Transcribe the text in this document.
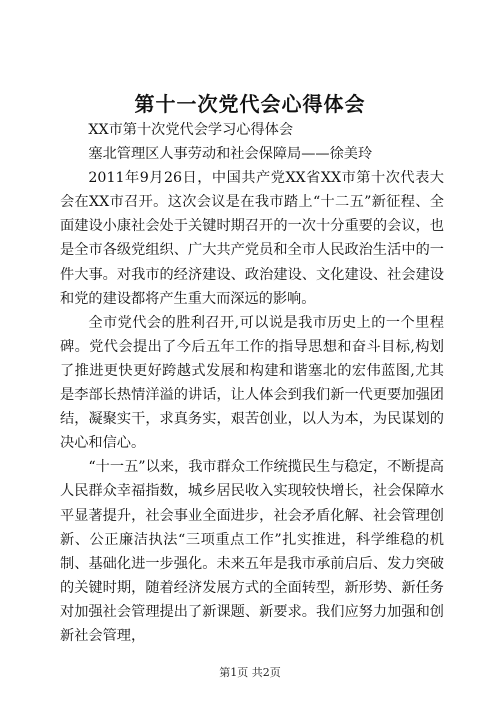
第十一次党代会心得体会

XX市第十次党代会学习心得体会

塞北管理区人事劳动和社会保障局——徐美玲

2011年9月26日，中国共产党XX省XX市第十次代表大会在XX市召开。这次会议是在我市踏上“十二五”新征程、全面建设小康社会处于关键时期召开的一次十分重要的会议，也是全市各级党组织、广大共产党员和全市人民政治生活中的一件大事。对我市的经济建设、政治建设、文化建设、社会建设和党的建设都将产生重大而深远的影响。

全市党代会的胜利召开,可以说是我市历史上的一个里程碑。党代会提出了今后五年工作的指导思想和奋斗目标,构划了推进更快更好跨越式发展和构建和谐塞北的宏伟蓝图,尤其是李部长热情洋溢的讲话，让人体会到我们新一代更要加强团结，凝聚实干，求真务实，艰苦创业，以人为本，为民谋划的决心和信心。

“十一五”以来，我市群众工作统揽民生与稳定，不断提高人民群众幸福指数，城乡居民收入实现较快增长，社会保障水平显著提升，社会事业全面进步，社会矛盾化解、社会管理创新、公正廉洁执法“三项重点工作”扎实推进，科学维稳的机制、基础化进一步强化。未来五年是我市承前启后、发力突破的关键时期，随着经济发展方式的全面转型，新形势、新任务对加强社会管理提出了新课题、新要求。我们应努力加强和创新社会管理，

第1页 共2页
